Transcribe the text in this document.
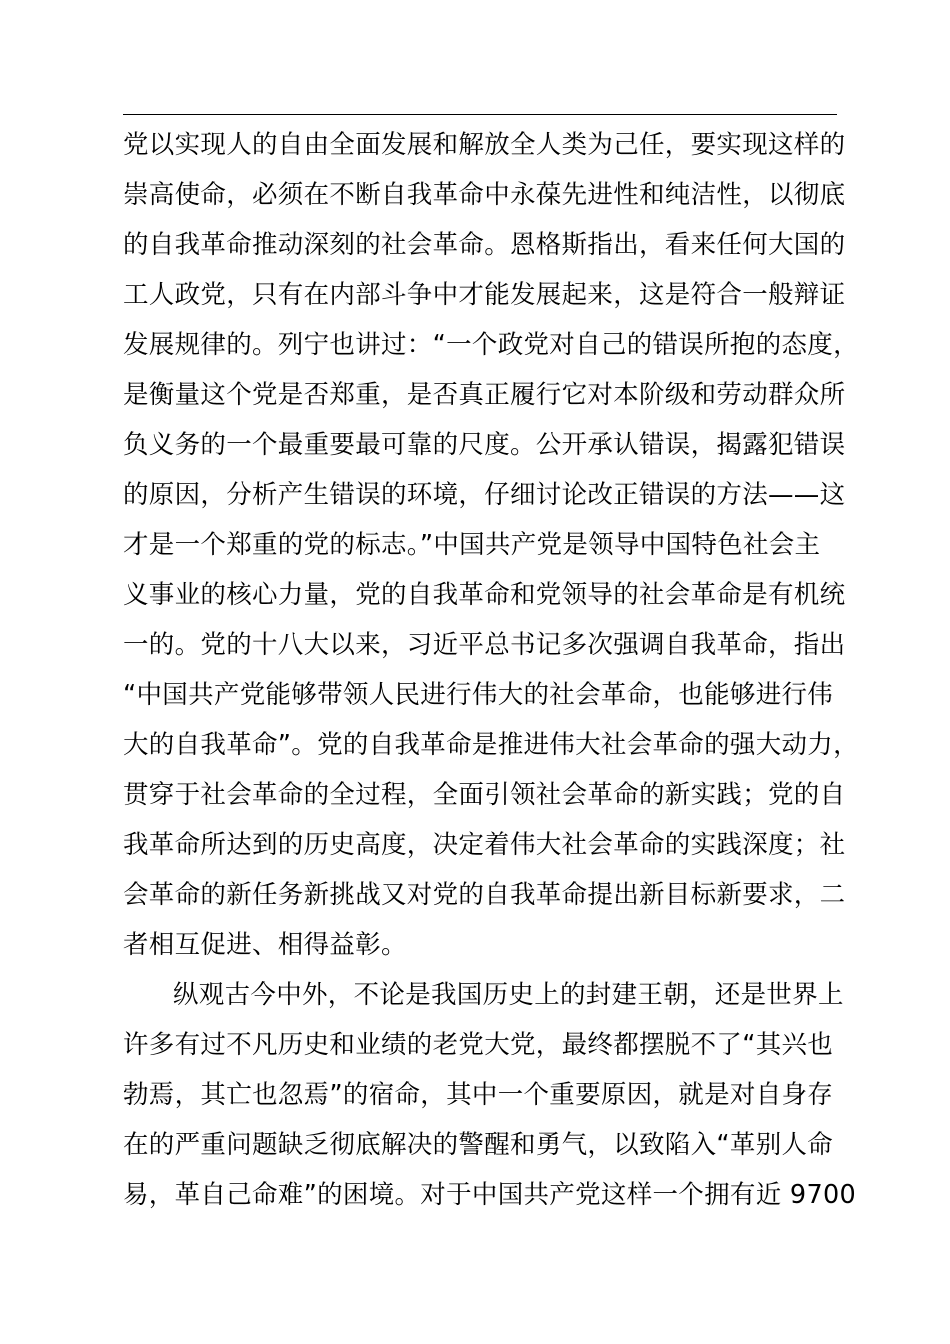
党以实现人的自由全面发展和解放全人类为己任，要实现这样的
崇高使命，必须在不断自我革命中永葆先进性和纯洁性，以彻底
的自我革命推动深刻的社会革命。恩格斯指出，看来任何大国的
工人政党，只有在内部斗争中才能发展起来，这是符合一般辩证
发展规律的。列宁也讲过：“一个政党对自己的错误所抱的态度，
是衡量这个党是否郑重，是否真正履行它对本阶级和劳动群众所
负义务的一个最重要最可靠的尺度。公开承认错误，揭露犯错误
的原因，分析产生错误的环境，仔细讨论改正错误的方法——这
才是一个郑重的党的标志。”中国共产党是领导中国特色社会主
义事业的核心力量，党的自我革命和党领导的社会革命是有机统
一的。党的十八大以来，习近平总书记多次强调自我革命，指出
“中国共产党能够带领人民进行伟大的社会革命，也能够进行伟
大的自我革命”。党的自我革命是推进伟大社会革命的强大动力，
贯穿于社会革命的全过程，全面引领社会革命的新实践；党的自
我革命所达到的历史高度，决定着伟大社会革命的实践深度；社
会革命的新任务新挑战又对党的自我革命提出新目标新要求，二
者相互促进、相得益彰。
纵观古今中外，不论是我国历史上的封建王朝，还是世界上
许多有过不凡历史和业绩的老党大党，最终都摆脱不了“其兴也
勃焉，其亡也忽焉”的宿命，其中一个重要原因，就是对自身存
在的严重问题缺乏彻底解决的警醒和勇气，以致陷入“革别人命
易，革自己命难”的困境。对于中国共产党这样一个拥有近 9700
